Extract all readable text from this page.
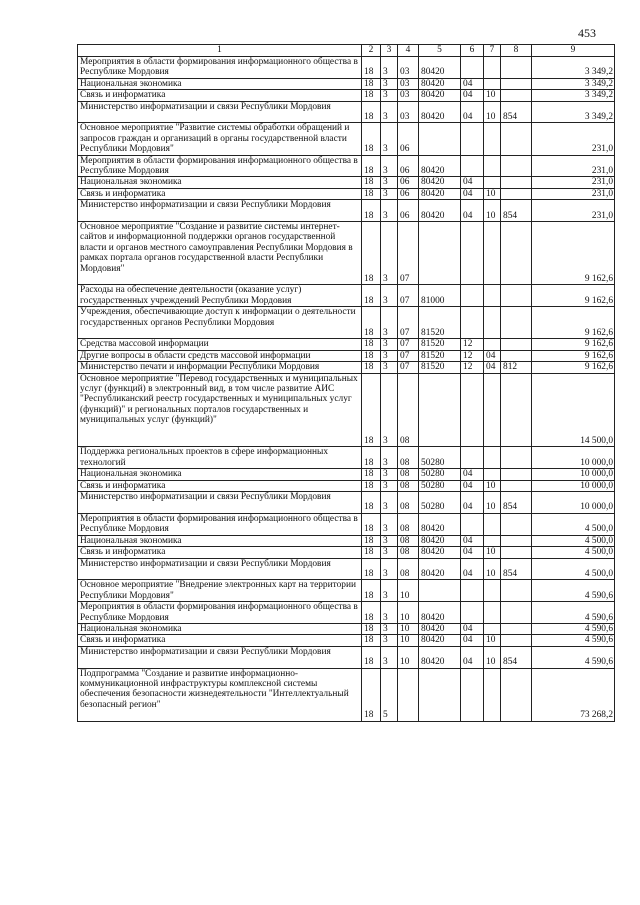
453
1	2	3	4	5	6	7	8	9
Мероприятия в области формирования информационного обществa в Республике Мордовия	18	3	03	80420				3 349,2
Национальная экономика	18	3	03	80420	04			3 349,2
Связь и информатика	18	3	03	80420	04	10		3 349,2
Министерство информатизации и связи Республики Мордовия	18	3	03	80420	04	10	854	3 349,2
Основное мероприятие "Развитие системы обработки обращений и запросов граждан и организаций в органы государственной власти Республики Мордовия"	18	3	06					231,0
Мероприятия в области формирования информационного общества в Республике Мордовия	18	3	06	80420				231,0
Национальная экономика	18	3	06	80420	04			231,0
Связь и информатика	18	3	06	80420	04	10		231,0
Министерство информатизации и связи Республики Мордовия	18	3	06	80420	04	10	854	231,0
Основное мероприятие "Создание и развитие системы интернет-сайтов и информационной поддержки органов государственной власти и органов местного самоуправления Республики Мордовия в рамках портала органов государственной власти Республики Мордовия"	18	3	07					9 162,6
Расходы на обеспечение деятельности (оказание услуг) государственных учреждений Республики Мордовия	18	3	07	81000				9 162,6
Учреждения, обеспечивающие доступ к информации о деятельности государственных органов Республики Мордовия	18	3	07	81520				9 162,6
Средства массовой информации	18	3	07	81520	12			9 162,6
Другие вопросы в области средств массовой информации	18	3	07	81520	12	04		9 162,6
Министерство печати и информации Республики Мордовия	18	3	07	81520	12	04	812	9 162,6
Основное мероприятие "Перевод государственных и муниципальных услуг (функций) в электронный вид, в том числе развитие АИС "Республиканский реестр государственных и муниципальных услуг (функций)" и региональных порталов государственных и муниципальных услуг (функций)"	18	3	08					14 500,0
Поддержка региональных проектов в сфере информационных технологий	18	3	08	50280				10 000,0
Национальная экономика	18	3	08	50280	04			10 000,0
Связь и информатика	18	3	08	50280	04	10		10 000,0
Министерство информатизации и связи Республики Мордовия	18	3	08	50280	04	10	854	10 000,0
Мероприятия в области формирования информационного общества в Республике Мордовия	18	3	08	80420				4 500,0
Национальная экономика	18	3	08	80420	04			4 500,0
Связь и информатика	18	3	08	80420	04	10		4 500,0
Министерство информатизации и связи Республики Мордовия	18	3	08	80420	04	10	854	4 500,0
Основное мероприятие "Внедрение электронных карт на территории Республики Мордовия"	18	3	10					4 590,6
Мероприятия в области формирования информационного общества в Республике Мордовия	18	3	10	80420				4 590,6
Национальная экономика	18	3	10	80420	04			4 590,6
Связь и информатика	18	3	10	80420	04	10		4 590,6
Министерство информатизации и связи Республики Мордовия	18	3	10	80420	04	10	854	4 590,6
Подпрограмма "Создание и развитие информационно-коммуникационной инфраструктуры комплексной системы обеспечения безопасности жизнедеятельности "Интеллектуальный безопасный регион"	18	5						73 268,2
